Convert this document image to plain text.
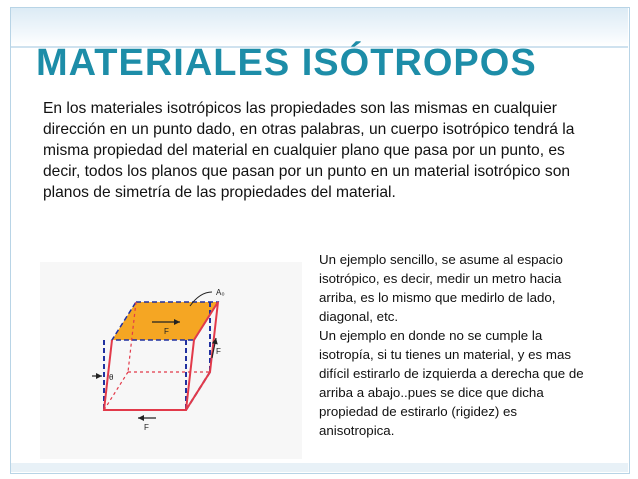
MATERIALES ISÓTROPOS

En los materiales isotrópicos las propiedades son las mismas en cualquier dirección en un punto dado, en otras palabras, un cuerpo isotrópico tendrá la misma propiedad del material en cualquier plano que pasa por un punto, es decir, todos los planos que pasan por un punto en un material isotrópico son planos de simetría de las propiedades del material.

F
F
F
θ
A₀

Un ejemplo sencillo, se asume al espacio isotrópico, es decir, medir un metro hacia arriba, es lo mismo que medirlo de lado, diagonal, etc.
Un ejemplo en donde no se cumple la isotropía, si tu tienes un material, y es mas difícil estirarlo de izquierda a derecha que de arriba a abajo..pues se dice que dicha propiedad de estirarlo (rigidez) es anisotropica.
